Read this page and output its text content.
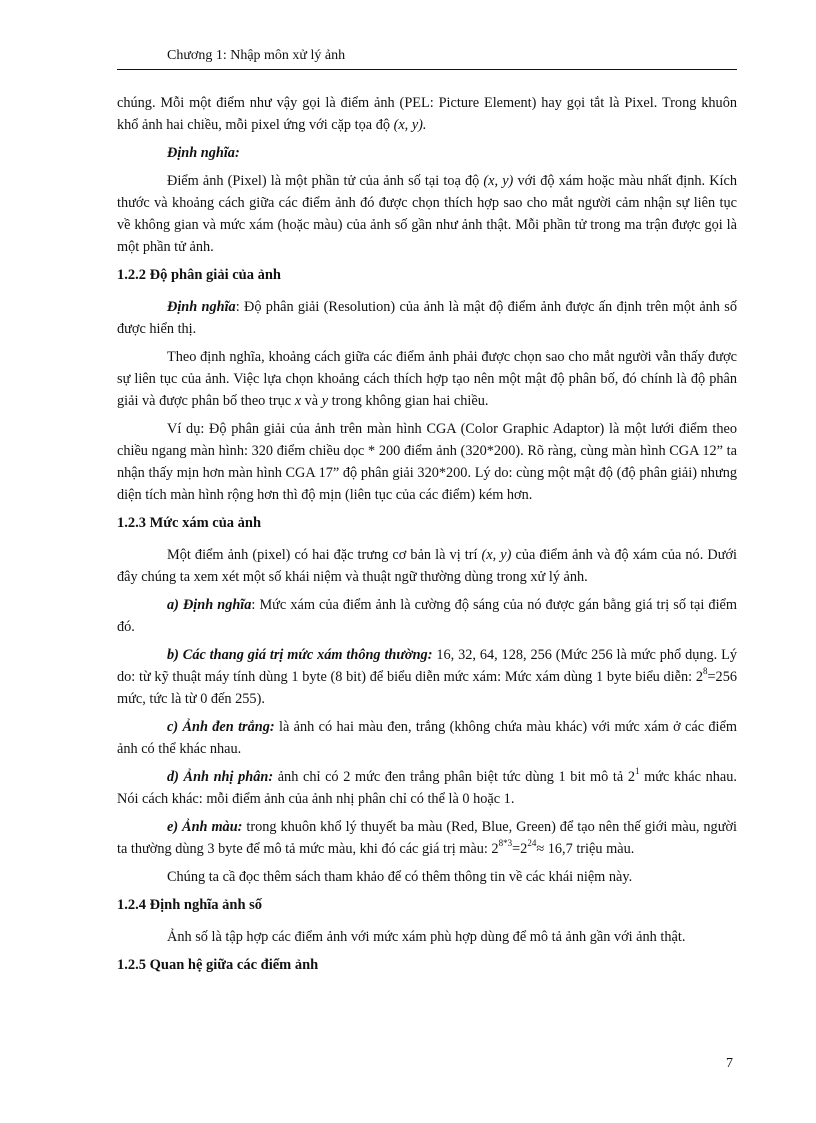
Chương 1: Nhập môn xử lý ảnh

chúng. Mỗi một điểm như vậy gọi là điểm ảnh (PEL: Picture Element) hay gọi tắt là Pixel. Trong khuôn khổ ảnh hai chiều, mỗi pixel ứng với cặp tọa độ (x, y).

Định nghĩa:

Điểm ảnh (Pixel) là một phần tử của ảnh số tại toạ độ (x, y) với độ xám hoặc màu nhất định. Kích thước và khoảng cách giữa các điểm ảnh đó được chọn thích hợp sao cho mắt người cảm nhận sự liên tục về không gian và mức xám (hoặc màu) của ảnh số gần như ảnh thật. Mỗi phần tử trong ma trận được gọi là một phần tử ảnh.

1.2.2 Độ phân giải của ảnh

Định nghĩa: Độ phân giải (Resolution) của ảnh là mật độ điểm ảnh được ấn định trên một ảnh số được hiển thị.

Theo định nghĩa, khoảng cách giữa các điểm ảnh phải được chọn sao cho mắt người vẫn thấy được sự liên tục của ảnh. Việc lựa chọn khoảng cách thích hợp tạo nên một mật độ phân bố, đó chính là độ phân giải và được phân bố theo trục x và y trong không gian hai chiều.

Ví dụ: Độ phân giải của ảnh trên màn hình CGA (Color Graphic Adaptor) là một lưới điểm theo chiều ngang màn hình: 320 điểm chiều dọc * 200 điểm ảnh (320*200). Rõ ràng, cùng màn hình CGA 12” ta nhận thấy mịn hơn màn hình CGA 17” độ phân giải 320*200. Lý do: cùng một mật độ (độ phân giải) nhưng diện tích màn hình rộng hơn thì độ mịn (liên tục của các điểm) kém hơn.

1.2.3 Mức xám của ảnh

Một điểm ảnh (pixel) có hai đặc trưng cơ bản là vị trí (x, y) của điểm ảnh và độ xám của nó. Dưới đây chúng ta xem xét một số khái niệm và thuật ngữ thường dùng trong xử lý ảnh.

a) Định nghĩa: Mức xám của điểm ảnh là cường độ sáng của nó được gán bằng giá trị số tại điểm đó.

b) Các thang giá trị mức xám thông thường: 16, 32, 64, 128, 256 (Mức 256 là mức phổ dụng. Lý do: từ kỹ thuật máy tính dùng 1 byte (8 bit) để biểu diễn mức xám: Mức xám dùng 1 byte biểu diễn: $2^8=256$ mức, tức là từ 0 đến 255).

c) Ảnh đen trắng: là ảnh có hai màu đen, trắng (không chứa màu khác) với mức xám ở các điểm ảnh có thể khác nhau.

d) Ảnh nhị phân: ảnh chỉ có 2 mức đen trắng phân biệt tức dùng 1 bit mô tả $2^1$ mức khác nhau. Nói cách khác: mỗi điểm ảnh của ảnh nhị phân chỉ có thể là 0 hoặc 1.

e) Ảnh màu: trong khuôn khổ lý thuyết ba màu (Red, Blue, Green) để tạo nên thế giới màu, người ta thường dùng 3 byte để mô tả mức màu, khi đó các giá trị màu: $2^{8*3}=2^{24}\approx 16,7$ triệu màu.

Chúng ta cầ đọc thêm sách tham khảo để có thêm thông tin về các khái niệm này.

1.2.4 Định nghĩa ảnh số

Ảnh số là tập hợp các điểm ảnh với mức xám phù hợp dùng để mô tả ảnh gần với ảnh thật.

1.2.5 Quan hệ giữa các điểm ảnh
7
